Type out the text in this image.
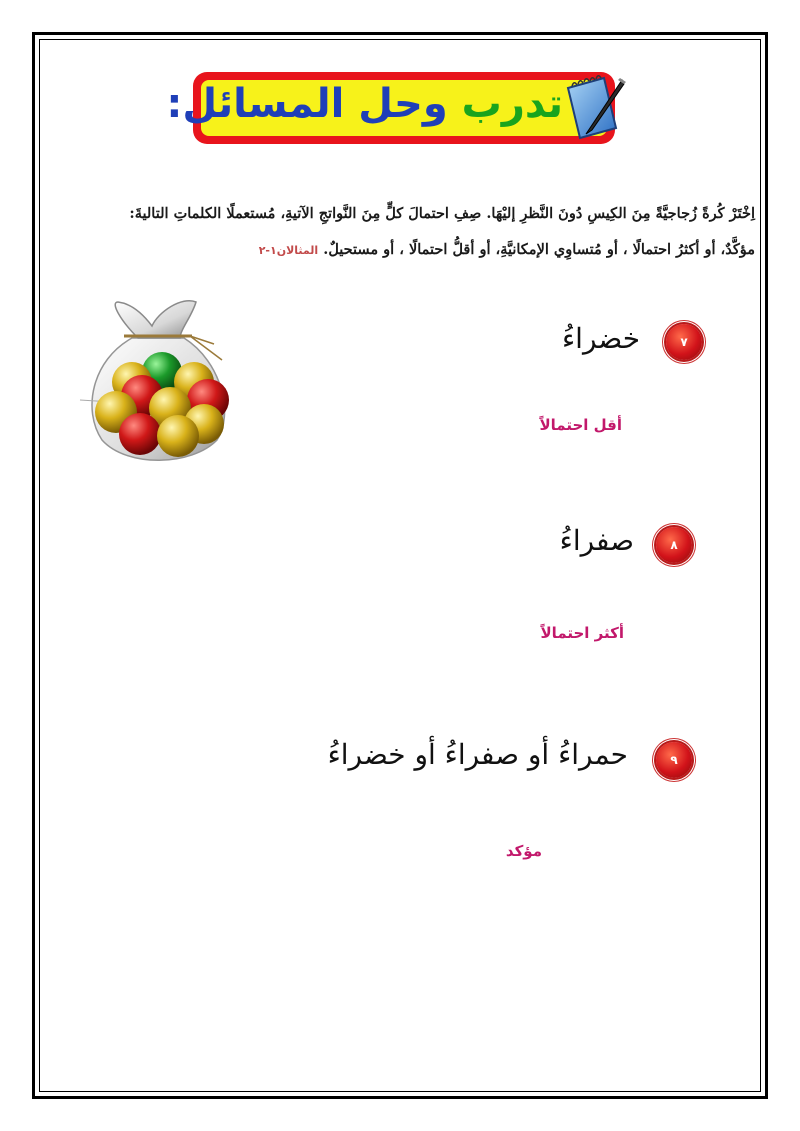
تدرب وحل المسائل:
اِخْتَرْ كُرةً زُجاجيَّةً مِنَ الكِيسِ دُونَ النَّظرِ إليْهَا. صِفِ احتمالَ كلٍّ مِنَ النَّواتجِ الآتيةِ، مُستعملًا الكلماتِ التاليةَ:
مؤكَّدٌ، أو أكثرُ احتمالًا ، أو مُتساوِي الإمكانيَّةِ، أو أقلُّ احتمالًا ، أو مستحيلٌ. المثالان١-٢
٧
خضراءُ
أقل احتمالاً
٨
صفراءُ
أكثر احتمالاً
٩
حمراءُ أو صفراءُ أو خضراءُ
مؤكد
